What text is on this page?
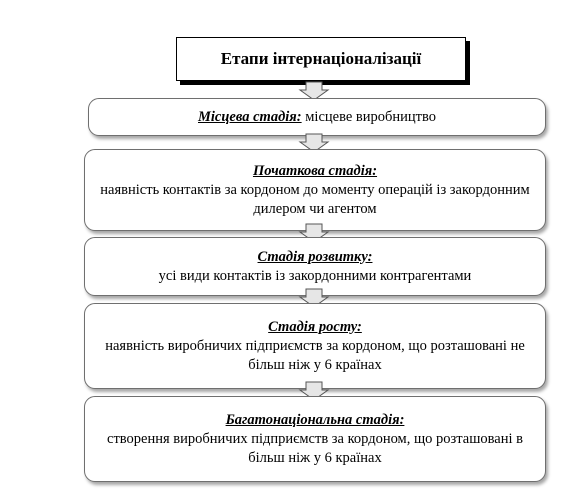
Етапи інтернаціоналізації
Місцева стадія: місцеве виробництво
Початкова стадія:
наявність контактів за кордоном до моменту операцій із закордонним дилером чи агентом
Стадія розвитку:
усі види контактів із закордонними контрагентами
Стадія росту:
наявність виробничих підприємств за кордоном, що розташовані не більш ніж у 6 країнах
Багатонаціональна стадія:
створення виробничих підприємств за кордоном, що розташовані в більш ніж у 6 країнах
